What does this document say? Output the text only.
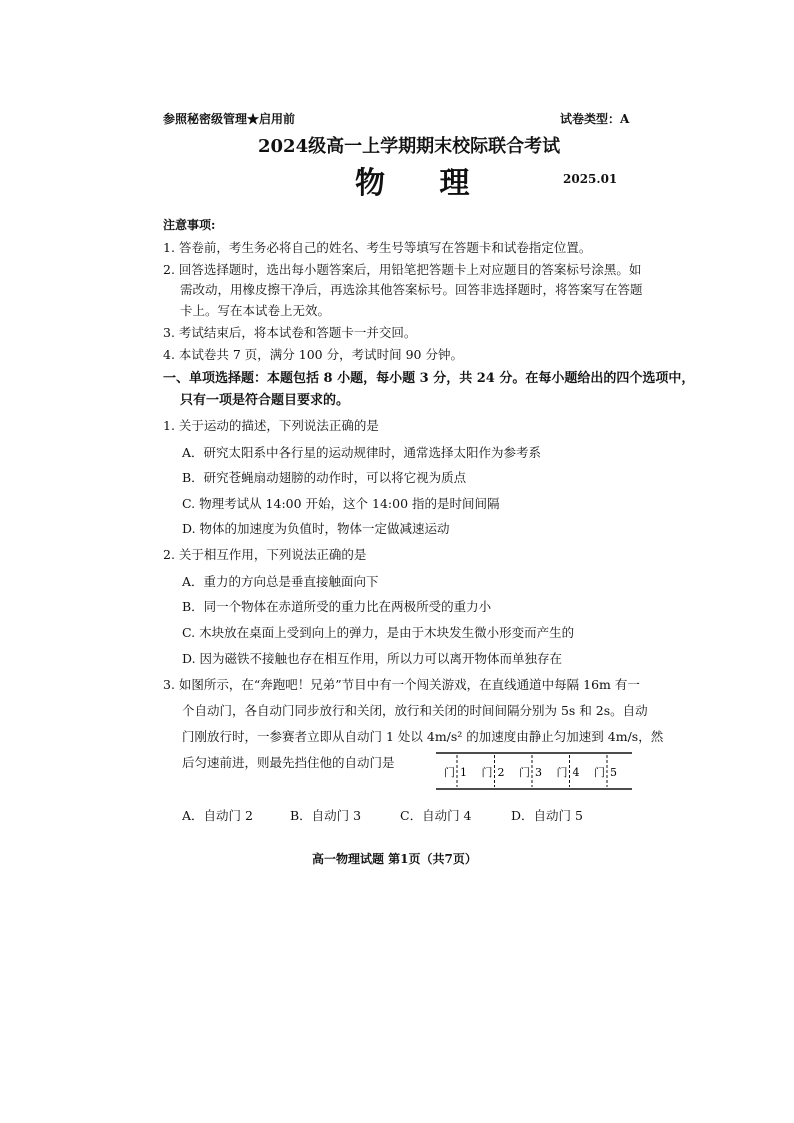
参照秘密级管理★启用前	试卷类型：A
2024级高一上学期期末校际联合考试
物 理	2025.01
注意事项:
1. 答卷前，考生务必将自己的姓名、考生号等填写在答题卡和试卷指定位置。
2. 回答选择题时，选出每小题答案后，用铅笔把答题卡上对应题目的答案标号涂黑。如
需改动，用橡皮擦干净后，再选涂其他答案标号。回答非选择题时，将答案写在答题
卡上。写在本试卷上无效。
3. 考试结束后，将本试卷和答题卡一并交回。
4. 本试卷共 7 页，满分 100 分，考试时间 90 分钟。
一、单项选择题：本题包括 8 小题，每小题 3 分，共 24 分。在每小题给出的四个选项中，
只有一项是符合题目要求的。
1. 关于运动的描述，下列说法正确的是
A．研究太阳系中各行星的运动规律时，通常选择太阳作为参考系
B．研究苍蝇扇动翅膀的动作时，可以将它视为质点
C. 物理考试从 14:00 开始，这个 14:00 指的是时间间隔
D. 物体的加速度为负值时，物体一定做减速运动
2. 关于相互作用，下列说法正确的是
A．重力的方向总是垂直接触面向下
B．同一个物体在赤道所受的重力比在两极所受的重力小
C. 木块放在桌面上受到向上的弹力，是由于木块发生微小形变而产生的
D. 因为磁铁不接触也存在相互作用，所以力可以离开物体而单独存在
3. 如图所示，在“奔跑吧！兄弟”节目中有一个闯关游戏，在直线通道中每隔 16m 有一
个自动门，各自动门同步放行和关闭，放行和关闭的时间间隔分别为 5s 和 2s。自动
门刚放行时，一参赛者立即从自动门 1 处以 4m/s² 的加速度由静止匀加速到 4m/s，然
后匀速前进，则最先挡住他的自动门是
门 1 门 2 门 3 门 4 门 5
A．自动门 2	B．自动门 3	C．自动门 4	D．自动门 5
高一物理试题 第1页（共7页）
